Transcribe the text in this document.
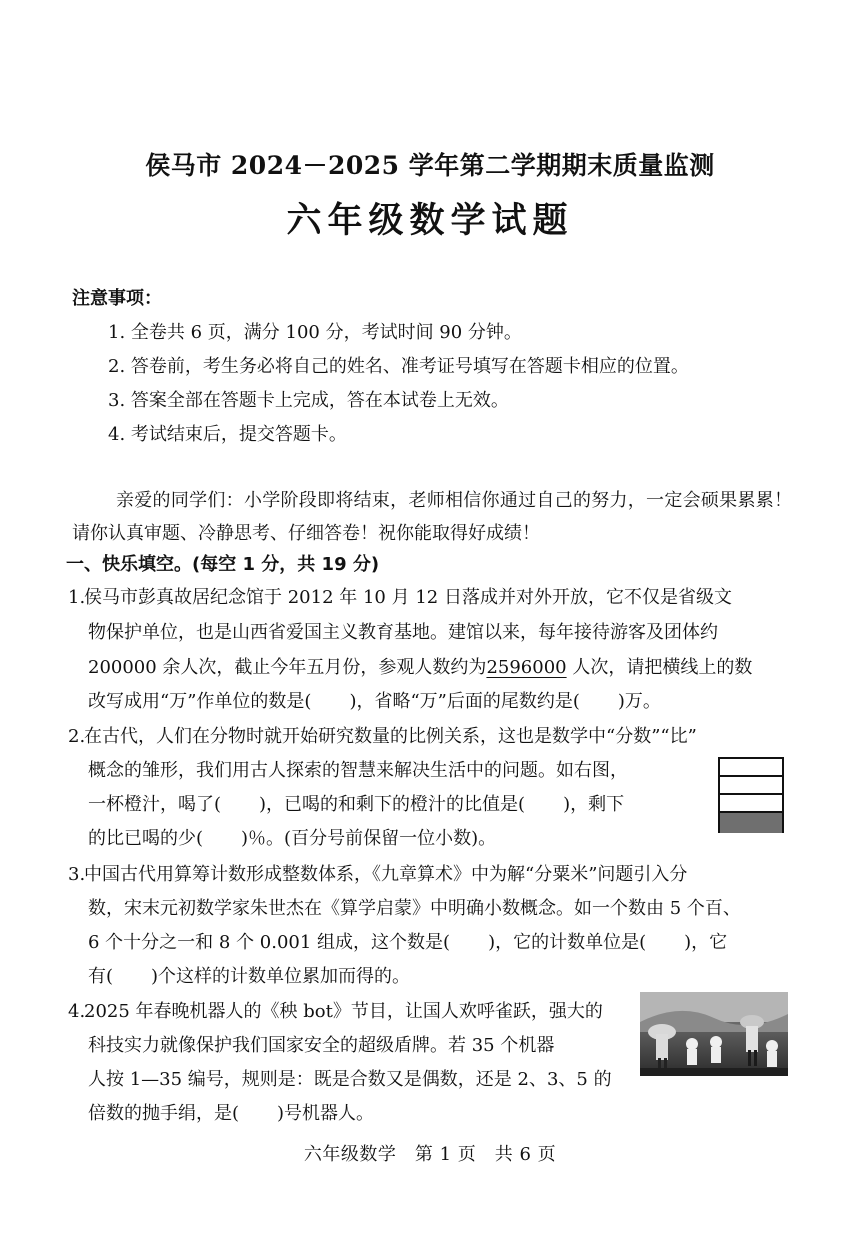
侯马市 2024－2025 学年第二学期期末质量监测
六年级数学试题
注意事项：
1. 全卷共 6 页，满分 100 分，考试时间 90 分钟。
2. 答卷前，考生务必将自己的姓名、准考证号填写在答题卡相应的位置。
3. 答案全部在答题卡上完成，答在本试卷上无效。
4. 考试结束后，提交答题卡。
亲爱的同学们：小学阶段即将结束，老师相信你通过自己的努力，一定会硕果累累！请你认真审题、冷静思考、仔细答卷！祝你能取得好成绩！
一、快乐填空。(每空 1 分，共 19 分)
1.侯马市彭真故居纪念馆于 2012 年 10 月 12 日落成并对外开放，它不仅是省级文
物保护单位，也是山西省爱国主义教育基地。建馆以来，每年接待游客及团体约
200000 余人次，截止今年五月份，参观人数约为2596000 人次，请把横线上的数
改写成用“万”作单位的数是( )，省略“万”后面的尾数约是( )万。
2.在古代，人们在分物时就开始研究数量的比例关系，这也是数学中“分数”“比”
概念的雏形，我们用古人探索的智慧来解决生活中的问题。如右图，
一杯橙汁，喝了( )，已喝的和剩下的橙汁的比值是( )，剩下
的比已喝的少( )％。(百分号前保留一位小数)。
3.中国古代用算筹计数形成整数体系，《九章算术》中为解“分粟米”问题引入分
数，宋末元初数学家朱世杰在《算学启蒙》中明确小数概念。如一个数由 5 个百、
6 个十分之一和 8 个 0.001 组成，这个数是( )，它的计数单位是( )，它
有( )个这样的计数单位累加而得的。
4.2025 年春晚机器人的《秧 bot》节目，让国人欢呼雀跃，强大的
科技实力就像保护我们国家安全的超级盾牌。若 35 个机器
人按 1—35 编号，规则是：既是合数又是偶数，还是 2、3、5 的
倍数的抛手绢，是( )号机器人。
六年级数学　第 1 页　共 6 页
